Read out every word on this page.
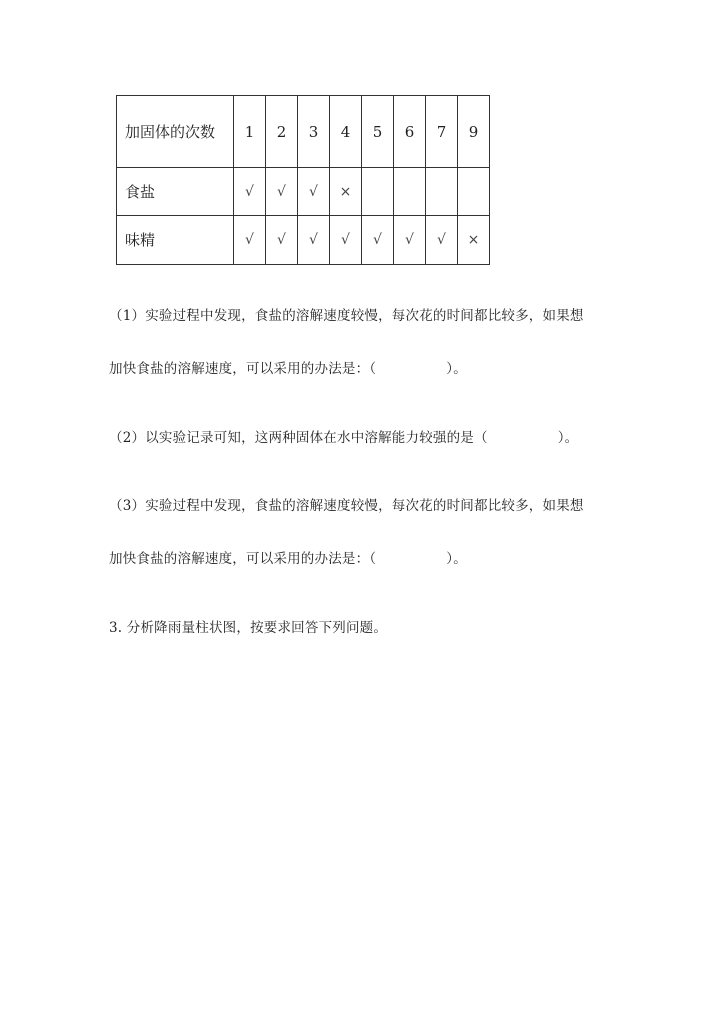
加固体的次数	1	2	3	4	5	6	7	9
食盐	√	√	√	×				
味精	√	√	√	√	√	√	√	×
（1）实验过程中发现，食盐的溶解速度较慢，每次花的时间都比较多，如果想
加快食盐的溶解速度，可以采用的办法是：（	）。
（2）以实验记录可知，这两种固体在水中溶解能力较强的是（	）。
（3）实验过程中发现，食盐的溶解速度较慢，每次花的时间都比较多，如果想
加快食盐的溶解速度，可以采用的办法是：（	）。
3. 分析降雨量柱状图，按要求回答下列问题。
